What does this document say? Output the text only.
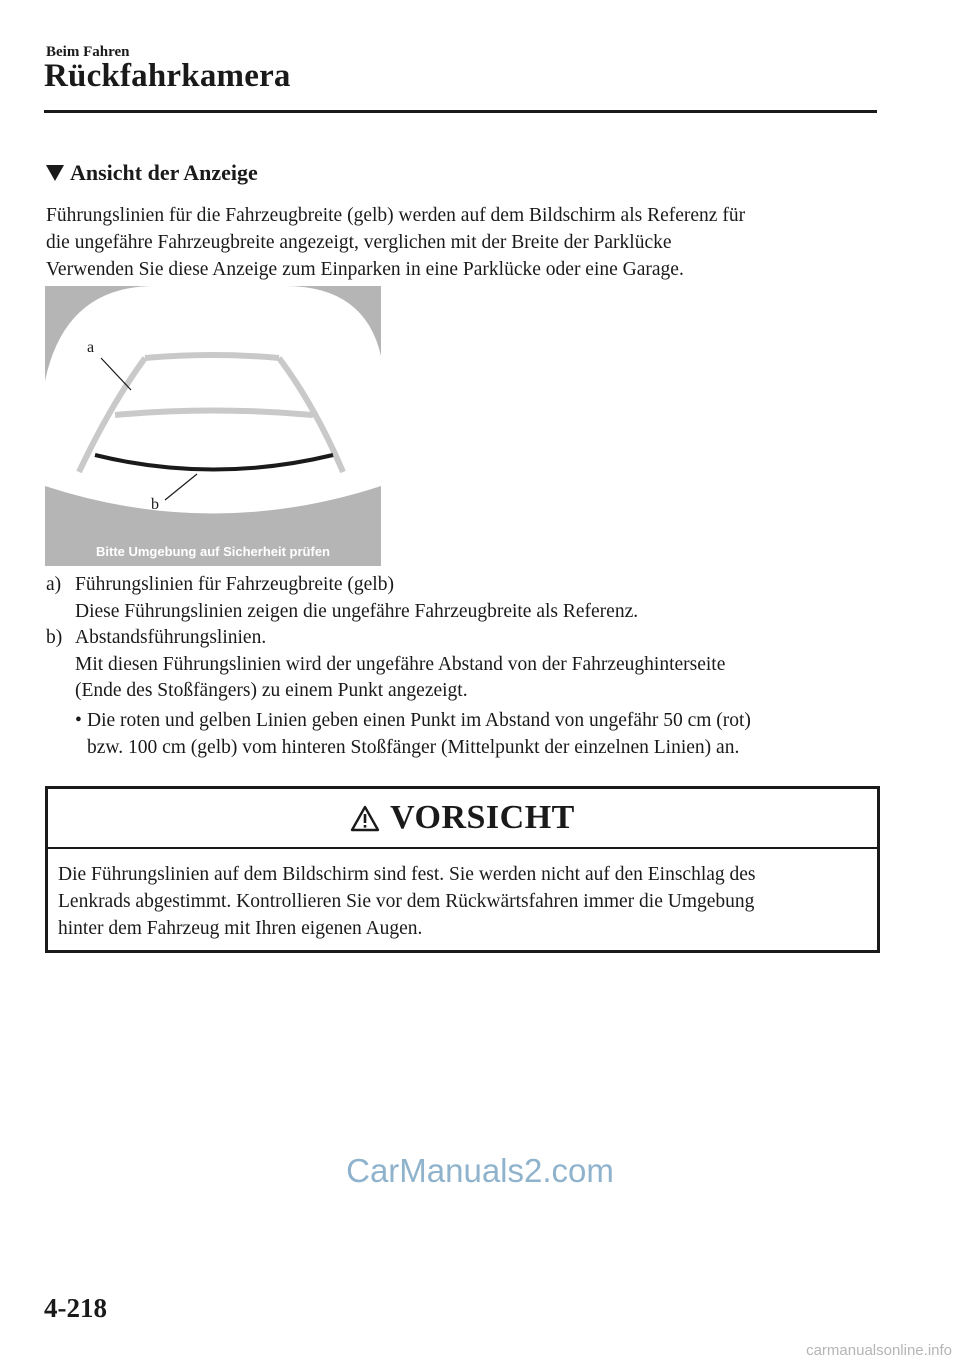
Beim Fahren
Rückfahrkamera
Ansicht der Anzeige
Führungslinien für die Fahrzeugbreite (gelb) werden auf dem Bildschirm als Referenz für
die ungefähre Fahrzeugbreite angezeigt, verglichen mit der Breite der Parklücke
Verwenden Sie diese Anzeige zum Einparken in eine Parklücke oder eine Garage.
a
b
Bitte Umgebung auf Sicherheit prüfen
a) Führungslinien für Fahrzeugbreite (gelb)
Diese Führungslinien zeigen die ungefähre Fahrzeugbreite als Referenz.
b) Abstandsführungslinien.
Mit diesen Führungslinien wird der ungefähre Abstand von der Fahrzeughinterseite
(Ende des Stoßfängers) zu einem Punkt angezeigt.
• Die roten und gelben Linien geben einen Punkt im Abstand von ungefähr 50 cm (rot)
bzw. 100 cm (gelb) vom hinteren Stoßfänger (Mittelpunkt der einzelnen Linien) an.
VORSICHT
Die Führungslinien auf dem Bildschirm sind fest. Sie werden nicht auf den Einschlag des
Lenkrads abgestimmt. Kontrollieren Sie vor dem Rückwärtsfahren immer die Umgebung
hinter dem Fahrzeug mit Ihren eigenen Augen.
CarManuals2.com
4-218
carmanualsonline.info
